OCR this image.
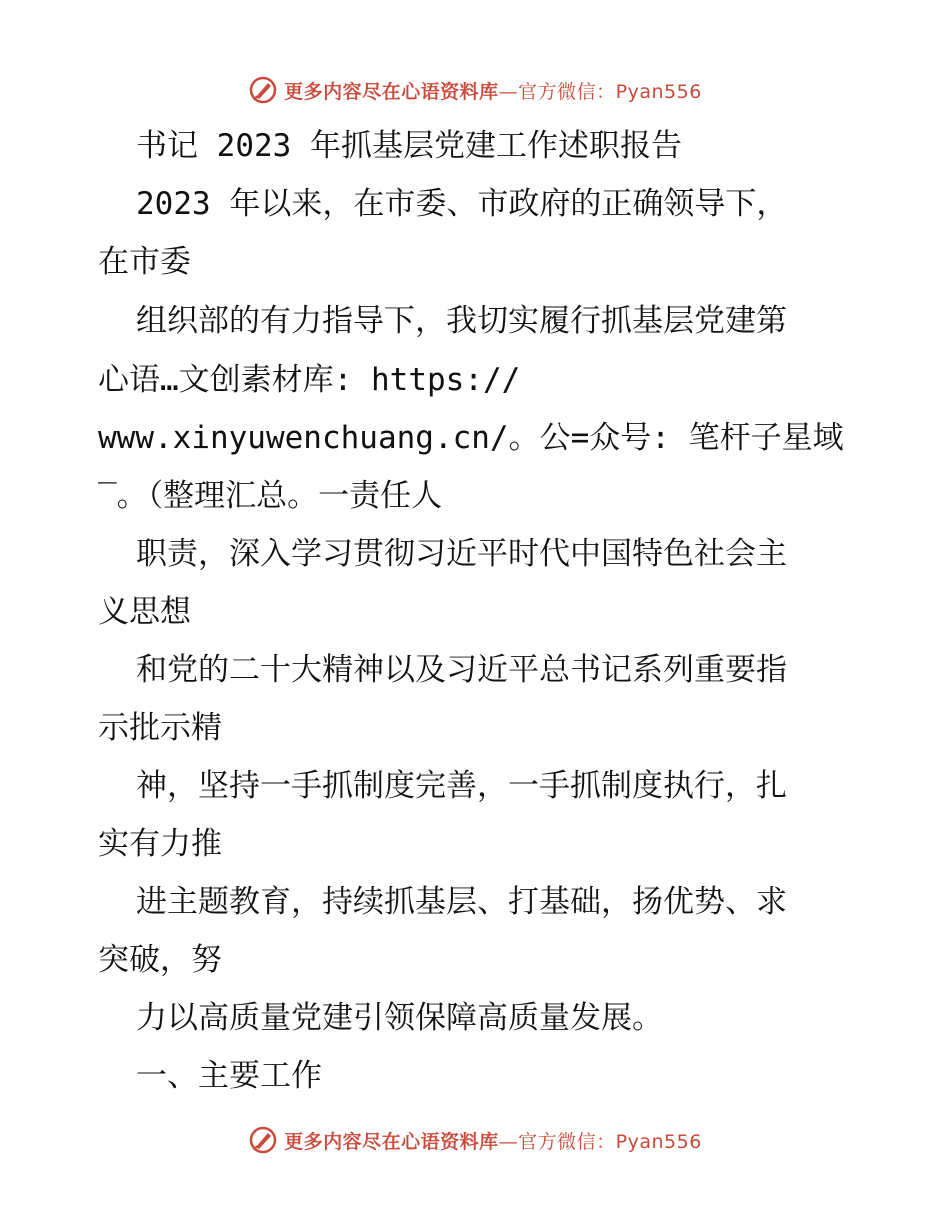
更多内容尽在心语资料库—官方微信：Pyan556
书记 2023 年抓基层党建工作述职报告
2023 年以来，在市委、市政府的正确领导下，
在市委
组织部的有力指导下，我切实履行抓基层党建第
心语…文创素材库: https://
www.xinyuwenchuang.cn/。公=众号: 笔杆子星域
‾。（整理汇总。一责任人
职责，深入学习贯彻习近平时代中国特色社会主
义思想
和党的二十大精神以及习近平总书记系列重要指
示批示精
神，坚持一手抓制度完善，一手抓制度执行，扎
实有力推
进主题教育，持续抓基层、打基础，扬优势、求
突破，努
力以高质量党建引领保障高质量发展。
一、主要工作
更多内容尽在心语资料库—官方微信：Pyan556
